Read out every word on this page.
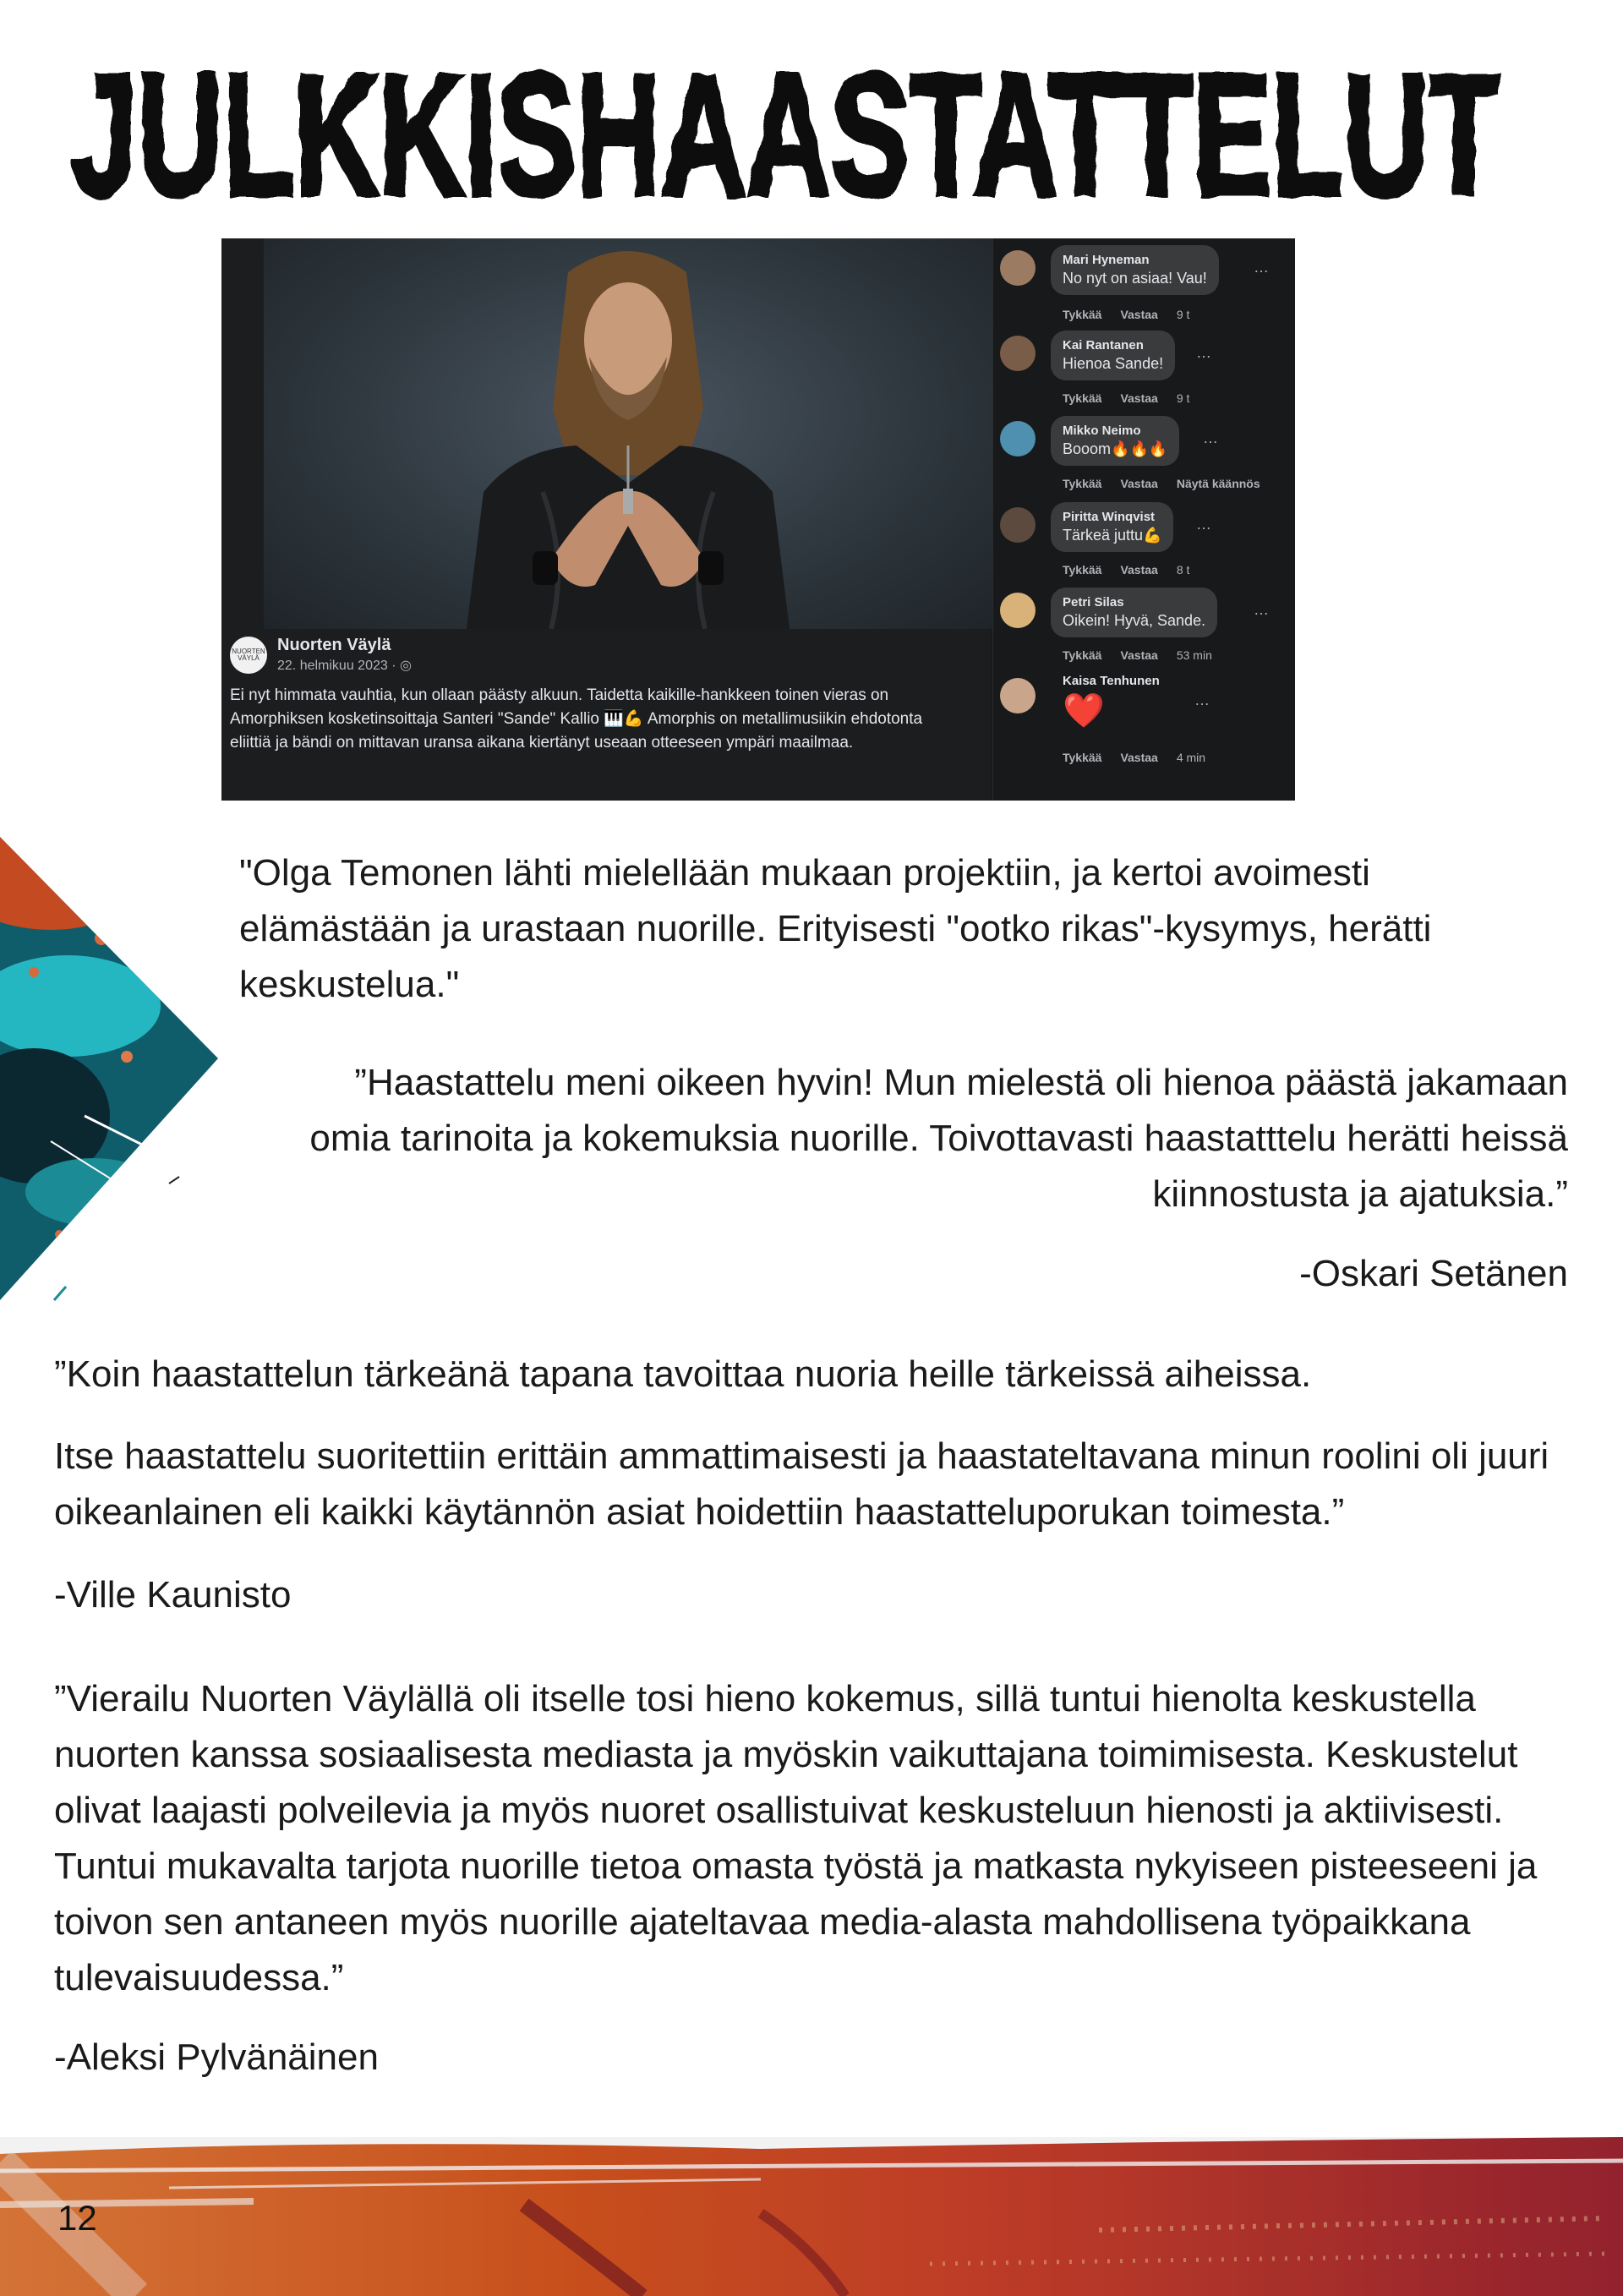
JULKKISHAASTATTELUT
NUORTEN VÄYLÄ
Nuorten Väylä
22. helmikuu 2023 · ◎
Ei nyt himmata vauhtia, kun ollaan päästy alkuun. Taidetta kaikille-hankkeen toinen vieras on Amorphiksen kosketinsoittaja Santeri "Sande" Kallio 🎹💪 Amorphis on metallimusiikin ehdotonta eliittiä ja bändi on mittavan uransa aikana kiertänyt useaan otteeseen ympäri maailmaa.
Mari Hyneman
No nyt on asiaa! Vau!
…
Tykkää Vastaa 9 t
Kai Rantanen
Hienoa Sande!
…
Tykkää Vastaa 9 t
Mikko Neimo
Booom🔥🔥🔥
…
Tykkää Vastaa Näytä käännös
Piritta Winqvist
Tärkeä juttu💪
…
Tykkää Vastaa 8 t
Petri Silas
Oikein! Hyvä, Sande.
…
Tykkää Vastaa 53 min
Kaisa Tenhunen
❤️	…
Tykkää Vastaa 4 min

"Olga Temonen lähti mielellään mukaan projektiin, ja kertoi avoimesti elämästään ja urastaan nuorille. Erityisesti "ootko rikas"-kysymys, herätti keskustelua."

”Haastattelu meni oikeen hyvin! Mun mielestä oli hienoa päästä jakamaan omia tarinoita ja kokemuksia nuorille. Toivottavasti haastatttelu herätti heissä kiinnostusta ja ajatuksia.”

-Oskari Setänen

”Koin haastattelun tärkeänä tapana tavoittaa nuoria heille tärkeissä aiheissa.

Itse haastattelu suoritettiin erittäin ammattimaisesti ja haastateltavana minun roolini oli juuri oikeanlainen eli kaikki käytännön asiat hoidettiin haastatteluporukan toimesta.”

-Ville Kaunisto

”Vierailu Nuorten Väylällä oli itselle tosi hieno kokemus, sillä tuntui hienolta keskustella nuorten kanssa sosiaalisesta mediasta ja myöskin vaikuttajana toimimisesta. Keskustelut olivat laajasti polveilevia ja myös nuoret osallistuivat keskusteluun hienosti ja aktiivisesti. Tuntui mukavalta tarjota nuorille tietoa omasta työstä ja matkasta nykyiseen pisteeseeni ja toivon sen antaneen myös nuorille ajateltavaa media-alasta mahdollisena työpaikkana tulevaisuudessa.”

-Aleksi Pylvänäinen

12
